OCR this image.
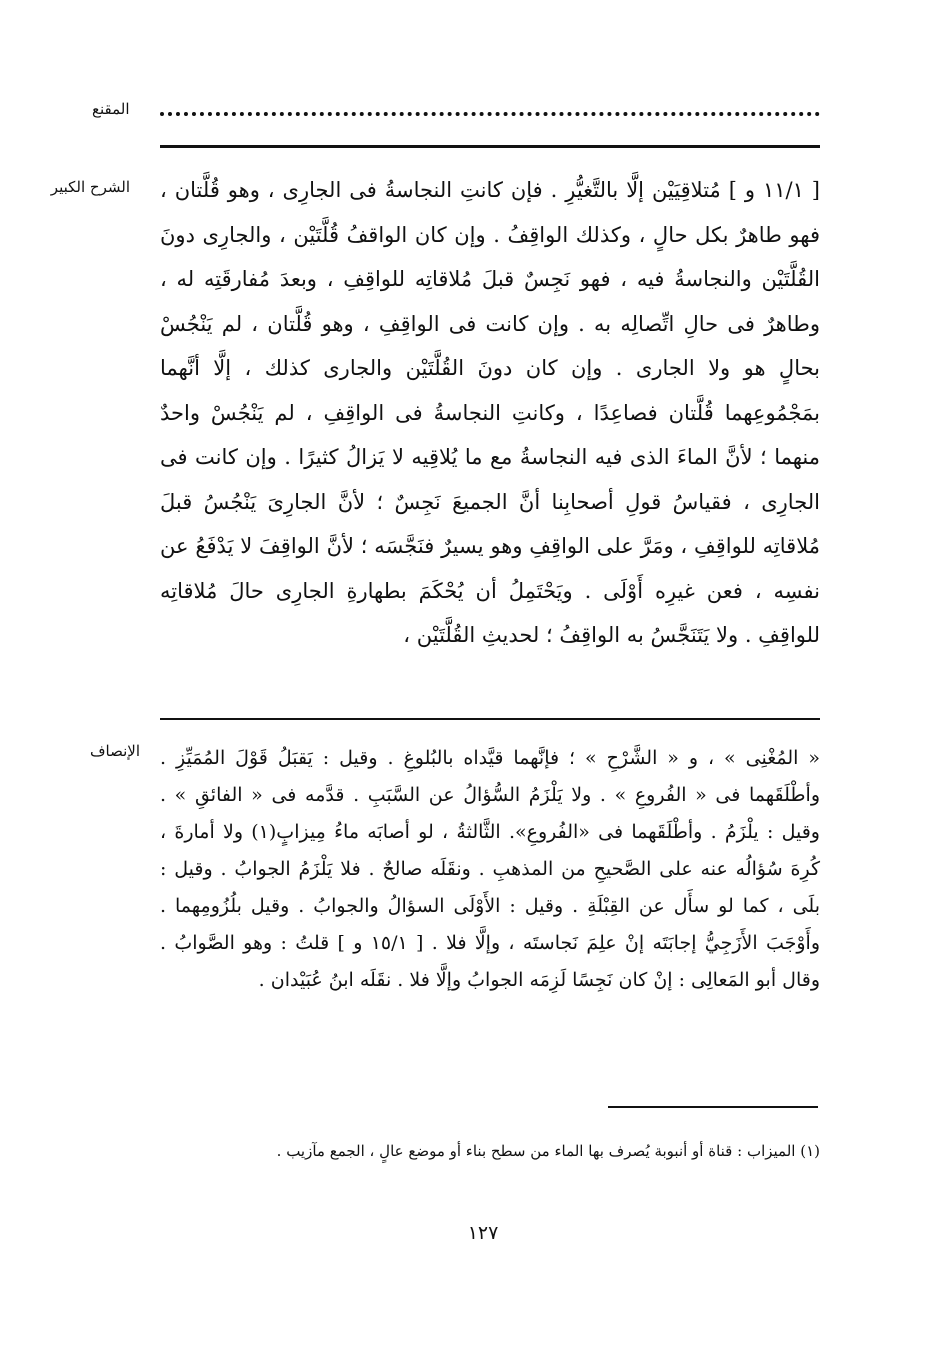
المقنع
الشرح الكبير [ ١١/١ و ] مُتلاقِيَيْن إلَّا بالتَّغيُّرِ . فإن كانتِ النجاسةُ فى الجارِى ، وهو قُلَّتان ، فهو طاهرٌ بكل حالٍ ، وكذلك الواقِفُ . وإن كان الواقفُ قُلَّتَيْن ، والجارِى دونَ القُلَّتَيْن والنجاسةُ فيه ، فهو نَجِسٌ قبلَ مُلاقاتِه للواقِفِ ، وبعدَ مُفارقَتِه له ، وطاهرٌ فى حالِ اتِّصالِه به . وإن كانت فى الواقِفِ ، وهو قُلَّتان ، لم يَنْجُسْ بحالٍ هو ولا الجارى . وإن كان دونَ القُلَّتَيْن والجارى كذلك ، إلَّا أنَّهما بمَجْمُوعِهما قُلَّتان فصاعِدًا ، وكانتِ النجاسةُ فى الواقِفِ ، لم يَنْجُسْ واحدٌ منهما ؛ لأنَّ الماءَ الذى فيه النجاسةُ مع ما يُلاقِيه لا يَزالُ كثيرًا . وإن كانت فى الجارِى ، فقياسُ قولِ أصحابِنا أنَّ الجميعَ نَجِسٌ ؛ لأنَّ الجارِىَ يَنْجُسُ قبلَ مُلاقاتِه للواقِفِ ، ومَرَّ على الواقِفِ وهو يسيرٌ فنَجَّسَه ؛ لأنَّ الواقِفَ لا يَدْفَعُ عن نفسِه ، فعن غيرِه أَوْلَى . ويَحْتَمِلُ أن يُحْكَمَ بطهارةِ الجارِى حالَ مُلاقاتِه للواقِفِ . ولا يَتَنَجَّسُ به الواقِفُ ؛ لحديثِ القُلَّتَيْن ،

الإنصاف « المُغْنِى » ، و « الشَّرْحِ » ؛ فإنَّهما قيَّداه بالبُلوغِ . وقيل : يَقبَلُ قَوْلَ المُمَيِّزِ . وأطْلَقَهما فى « الفُروعِ » . ولا يَلْزَمُ السُّؤالُ عن السَّبَبِ . قدَّمه فى « الفائقِ » . وقيل : يلْزَمُ . وأطْلَقَهما فى «الفُروعِ». الثَّالثةُ ، لو أصابَه ماءُ مِيزابٍ(١) ولا أمارةَ ، كُرِهَ سُؤالُه عنه على الصَّحيحِ من المذهبِ . ونقَلَه صالحٌ . فلا يَلْزَمُ الجوابُ . وقيل : بلَى ، كما لو سأَل عن القِبْلَةِ . وقيل : الأَوْلَى السؤالُ والجوابُ . وقيل بلُزُومِهما . وأَوْجَبَ الأَزَجِيُّ إجابَتَه إنْ علِمَ نَجاستَه ، وإلَّا فلا . [ ١٥/١ و ] قلتُ : وهو الصَّوابُ . وقال أبو المَعالِى : إنْ كان نَجِسًا لَزِمَه الجوابُ وإلَّا فلا . نقَلَه ابنُ عُبَيْدان .

(١) الميزاب : قناة أو أنبوبة يُصرف بها الماء من سطح بناء أو موضع عالٍ ، الجمع مآزيب .
١٢٧
